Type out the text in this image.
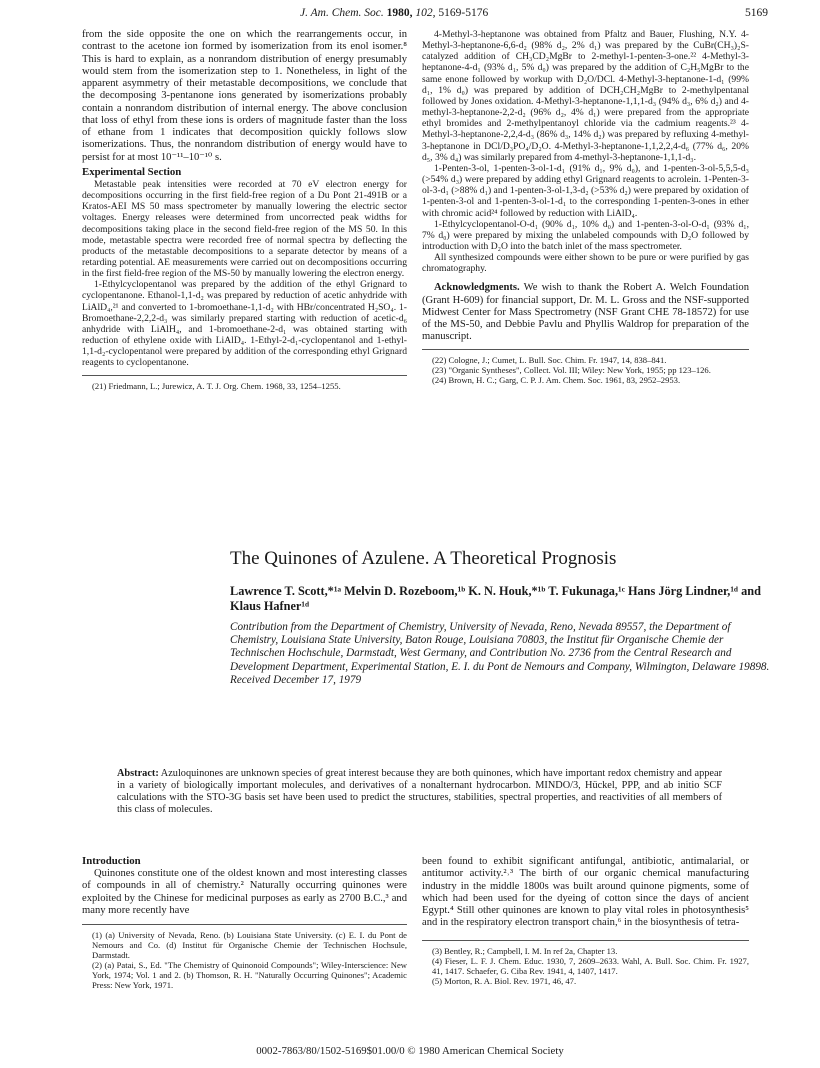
J. Am. Chem. Soc. 1980, 102, 5169-5176	5169

from the side opposite the one on which the rearrangements occur, in contrast to the acetone ion formed by isomerization from its enol isomer.⁸ This is hard to explain, as a nonrandom distribution of energy presumably would stem from the isomerization step to 1. Nonetheless, in light of the apparent asymmetry of their metastable decompositions, we conclude that the decomposing 3-pentanone ions generated by isomerizations probably contain a nonrandom distribution of internal energy. The above conclusion that loss of ethyl from these ions is orders of magnitude faster than the loss of ethane from 1 indicates that decomposition quickly follows slow isomerizations. Thus, the nonrandom distribution of energy would have to persist for at most 10⁻¹¹–10⁻¹⁰ s.

Experimental Section

Metastable peak intensities were recorded at 70 eV electron energy for decompositions occurring in the first field-free region of a Du Pont 21-491B or a Kratos-AEI MS 50 mass spectrometer by manually lowering the electric sector voltages. Energy releases were determined from uncorrected peak widths for decompositions taking place in the second field-free region of the MS 50. In this mode, metastable spectra were recorded free of normal spectra by deflecting the products of the metastable decompositions to a separate detector by means of a retarding potential. AE measurements were carried out on decompositions occurring in the first field-free region of the MS-50 by manually lowering the electron energy.

1-Ethylcyclopentanol was prepared by the addition of the ethyl Grignard to cyclopentanone. Ethanol-1,1-d₂ was prepared by reduction of acetic anhydride with LiAlD₄,²¹ and converted to 1-bromoethane-1,1-d₂ with HBr/concentrated H₂SO₄. 1-Bromoethane-2,2,2-d₃ was similarly prepared starting with reduction of acetic-d₆ anhydride with LiAlH₄, and 1-bromoethane-2-d₁ was obtained starting with reduction of ethylene oxide with LiAlD₄. 1-Ethyl-2-d₁-cyclopentanol and 1-ethyl-1,1-d₂-cyclopentanol were prepared by addition of the corresponding ethyl Grignard reagents to cyclopentanone.

(21) Friedmann, L.; Jurewicz, A. T. J. Org. Chem. 1968, 33, 1254–1255.

4-Methyl-3-heptanone was obtained from Pfaltz and Bauer, Flushing, N.Y. 4-Methyl-3-heptanone-6,6-d₂ (98% d₂, 2% d₁) was prepared by the CuBr(CH₃)₂S-catalyzed addition of CH₃CD₂MgBr to 2-methyl-1-penten-3-one.²² 4-Methyl-3-heptanone-4-d₁ (93% d₁, 5% d₀) was prepared by the addition of C₂H₅MgBr to the same enone followed by workup with D₂O/DCl. 4-Methyl-3-heptanone-1-d₁ (99% d₁, 1% d₀) was prepared by addition of DCH₂CH₂MgBr to 2-methylpentanal followed by Jones oxidation. 4-Methyl-3-heptanone-1,1,1-d₃ (94% d₃, 6% d₂) and 4-methyl-3-heptanone-2,2-d₂ (96% d₂, 4% d₁) were prepared from the appropriate ethyl bromides and 2-methylpentanoyl chloride via the cadmium reagents.²³ 4-Methyl-3-heptanone-2,2,4-d₃ (86% d₃, 14% d₂) was prepared by refluxing 4-methyl-3-heptanone in DCl/D₃PO₄/D₂O. 4-Methyl-3-heptanone-1,1,2,2,4-d₆ (77% d₆, 20% d₅, 3% d₄) was similarly prepared from 4-methyl-3-heptanone-1,1,1-d₃.

1-Penten-3-ol, 1-penten-3-ol-1-d₁ (91% d₁, 9% d₀), and 1-penten-3-ol-5,5,5-d₃ (>54% d₃) were prepared by adding ethyl Grignard reagents to acrolein. 1-Penten-3-ol-3-d₁ (>88% d₁) and 1-penten-3-ol-1,3-d₂ (>53% d₂) were prepared by oxidation of 1-penten-3-ol and 1-penten-3-ol-1-d₁ to the corresponding 1-penten-3-ones in ether with chromic acid²⁴ followed by reduction with LiAlD₄.

1-Ethylcyclopentanol-O-d₁ (90% d₁, 10% d₀) and 1-penten-3-ol-O-d₁ (93% d₁, 7% d₀) were prepared by mixing the unlabeled compounds with D₂O followed by introduction with D₂O into the batch inlet of the mass spectrometer.

All synthesized compounds were either shown to be pure or were purified by gas chromatography.

Acknowledgments. We wish to thank the Robert A. Welch Foundation (Grant H-609) for financial support, Dr. M. L. Gross and the NSF-supported Midwest Center for Mass Spectrometry (NSF Grant CHE 78-18572) for use of the MS-50, and Debbie Pavlu and Phyllis Waldrop for preparation of the manuscript.

(22) Cologne, J.; Cumet, L. Bull. Soc. Chim. Fr. 1947, 14, 838–841.

(23) "Organic Syntheses", Collect. Vol. III; Wiley: New York, 1955; pp 123–126.

(24) Brown, H. C.; Garg, C. P. J. Am. Chem. Soc. 1961, 83, 2952–2953.

The Quinones of Azulene. A Theoretical Prognosis
Lawrence T. Scott,*¹ᵃ Melvin D. Rozeboom,¹ᵇ K. N. Houk,*¹ᵇ T. Fukunaga,¹ᶜ Hans Jörg Lindner,¹ᵈ and Klaus Hafner¹ᵈ
Contribution from the Department of Chemistry, University of Nevada, Reno, Nevada 89557, the Department of Chemistry, Louisiana State University, Baton Rouge, Louisiana 70803, the Institut für Organische Chemie der Technischen Hochschule, Darmstadt, West Germany, and Contribution No. 2736 from the Central Research and Development Department, Experimental Station, E. I. du Pont de Nemours and Company, Wilmington, Delaware 19898.
Received December 17, 1979
Abstract: Azuloquinones are unknown species of great interest because they are both quinones, which have important redox chemistry and appear in a variety of biologically important molecules, and derivatives of a nonalternant hydrocarbon. MINDO/3, Hückel, PPP, and ab initio SCF calculations with the STO-3G basis set have been used to predict the structures, stabilities, spectral properties, and reactivities of all members of this class of molecules.
Introduction

Quinones constitute one of the oldest known and most interesting classes of compounds in all of chemistry.² Naturally occurring quinones were exploited by the Chinese for medicinal purposes as early as 2700 B.C.,³ and many more recently have

(1) (a) University of Nevada, Reno. (b) Louisiana State University. (c) E. I. du Pont de Nemours and Co. (d) Institut für Organische Chemie der Technischen Hochsule, Darmstadt.

(2) (a) Patai, S., Ed. "The Chemistry of Quinonoid Compounds"; Wiley-Interscience: New York, 1974; Vol. 1 and 2. (b) Thomson, R. H. "Naturally Occurring Quinones"; Academic Press: New York, 1971.

been found to exhibit significant antifungal, antibiotic, antimalarial, or antitumor activity.²˒³ The birth of our organic chemical manufacturing industry in the middle 1800s was built around quinone pigments, some of which had been used for the dyeing of cotton since the days of ancient Egypt.⁴ Still other quinones are known to play vital roles in photosynthesis⁵ and in the respiratory electron transport chain,⁶ in the biosynthesis of tetra-

(3) Bentley, R.; Campbell, I. M. In ref 2a, Chapter 13.

(4) Fieser, L. F. J. Chem. Educ. 1930, 7, 2609–2633. Wahl, A. Bull. Soc. Chim. Fr. 1927, 41, 1417. Schaefer, G. Ciba Rev. 1941, 4, 1407, 1417.

(5) Morton, R. A. Biol. Rev. 1971, 46, 47.

0002-7863/80/1502-5169$01.00/0 © 1980 American Chemical Society
